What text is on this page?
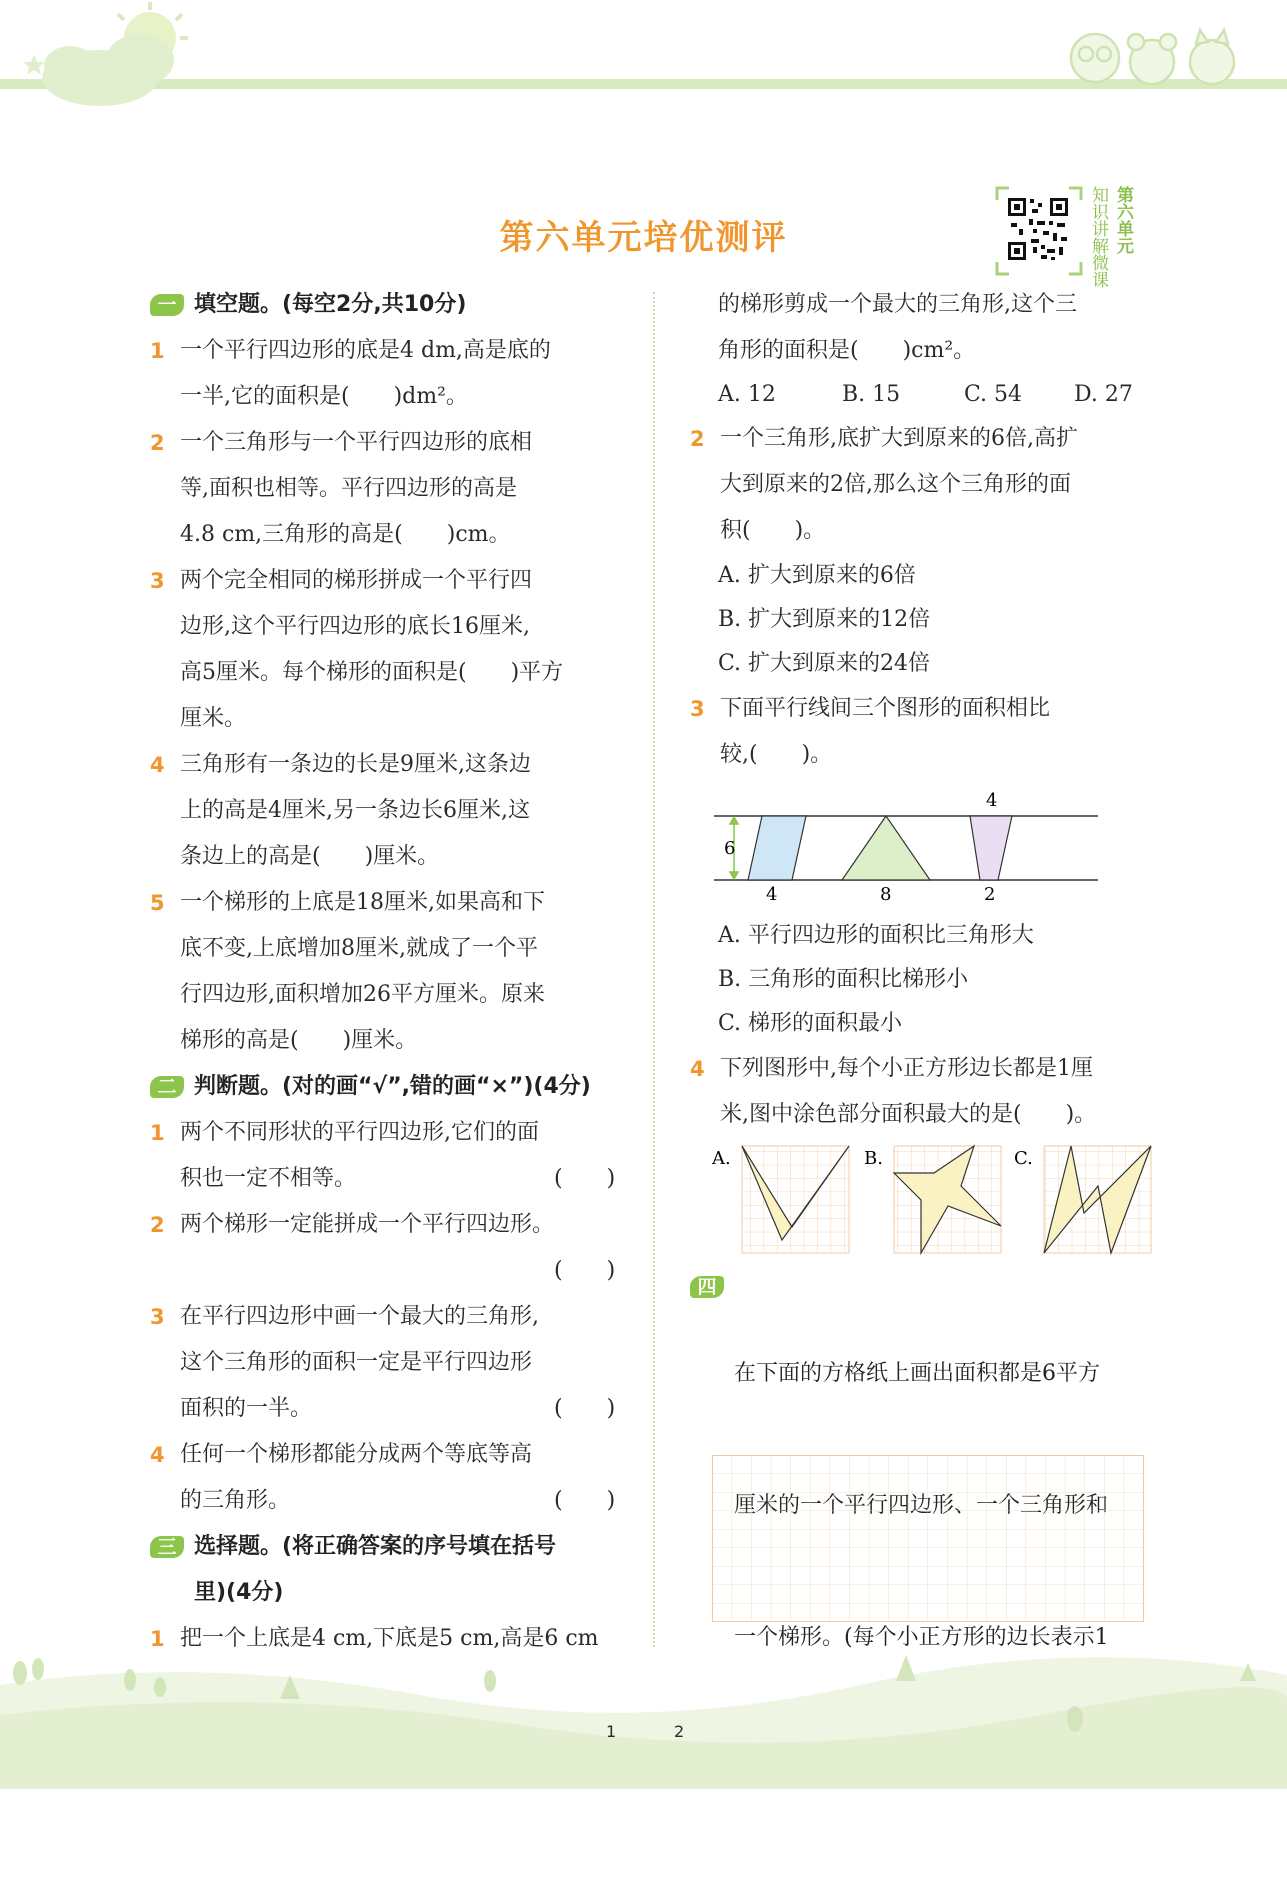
第六单元培优测评	知识讲解微课 第六单元
一 填空题。(每空2分,共10分)
1 一个平行四边形的底是4 dm,高是底的
一半,它的面积是(　　)dm²。
2 一个三角形与一个平行四边形的底相
等,面积也相等。平行四边形的高是
4.8 cm,三角形的高是(　　)cm。
3 两个完全相同的梯形拼成一个平行四
边形,这个平行四边形的底长16厘米,
高5厘米。每个梯形的面积是(　　)平方
厘米。
4 三角形有一条边的长是9厘米,这条边
上的高是4厘米,另一条边长6厘米,这
条边上的高是(　　)厘米。
5 一个梯形的上底是18厘米,如果高和下
底不变,上底增加8厘米,就成了一个平
行四边形,面积增加26平方厘米。原来
梯形的高是(　　)厘米。
二 判断题。(对的画“√”,错的画“×”)(4分)
1 两个不同形状的平行四边形,它们的面
积也一定不相等。	(　　)
2 两个梯形一定能拼成一个平行四边形。
(　　)
3 在平行四边形中画一个最大的三角形,
这个三角形的面积一定是平行四边形
面积的一半。	(　　)
4 任何一个梯形都能分成两个等底等高
的三角形。	(　　)
三 选择题。(将正确答案的序号填在括号
里)(4分)
1 把一个上底是4 cm,下底是5 cm,高是6 cm
的梯形剪成一个最大的三角形,这个三
角形的面积是(　　)cm²。
A. 12	B. 15	C. 54	D. 27
2 一个三角形,底扩大到原来的6倍,高扩
大到原来的2倍,那么这个三角形的面
积(　　)。
A. 扩大到原来的6倍
B. 扩大到原来的12倍
C. 扩大到原来的24倍
3 下面平行线间三个图形的面积相比
较,(　　)。
6
4	8
4
2
A. 平行四边形的面积比三角形大
B. 三角形的面积比梯形小
C. 梯形的面积最小
4 下列图形中,每个小正方形边长都是1厘
米,图中涂色部分面积最大的是(　　)。
A.	B.	C.
四

在下面的方格纸上画出面积都是6平方

一个梯形。(每个小正方形的边长表示1

1	2
